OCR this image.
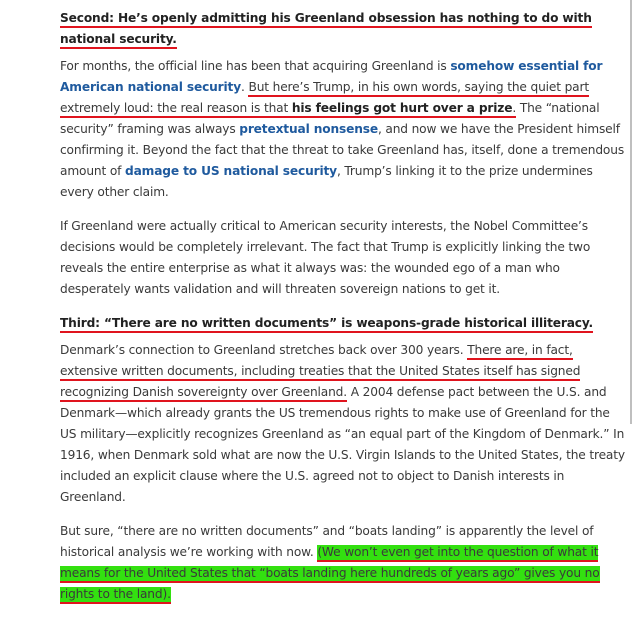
Second: He’s openly admitting his Greenland obsession has nothing to do with national security.

For months, the official line has been that acquiring Greenland is somehow essential for American national security. But here’s Trump, in his own words, saying the quiet part extremely loud: the real reason is that his feelings got hurt over a prize. The “national security” framing was always pretextual nonsense, and now we have the President himself confirming it. Beyond the fact that the threat to take Greenland has, itself, done a tremendous amount of damage to US national security, Trump’s linking it to the prize undermines every other claim.

If Greenland were actually critical to American security interests, the Nobel Committee’s decisions would be completely irrelevant. The fact that Trump is explicitly linking the two reveals the entire enterprise as what it always was: the wounded ego of a man who desperately wants validation and will threaten sovereign nations to get it.

Third: “There are no written documents” is weapons-grade historical illiteracy.

Denmark’s connection to Greenland stretches back over 300 years. There are, in fact, extensive written documents, including treaties that the United States itself has signed recognizing Danish sovereignty over Greenland. A 2004 defense pact between the U.S. and Denmark—which already grants the US tremendous rights to make use of Greenland for the US military—explicitly recognizes Greenland as “an equal part of the Kingdom of Denmark.” In 1916, when Denmark sold what are now the U.S. Virgin Islands to the United States, the treaty included an explicit clause where the U.S. agreed not to object to Danish interests in Greenland.

But sure, “there are no written documents” and “boats landing” is apparently the level of historical analysis we’re working with now. (We won’t even get into the question of what it means for the United States that “boats landing here hundreds of years ago” gives you no rights to the land).
